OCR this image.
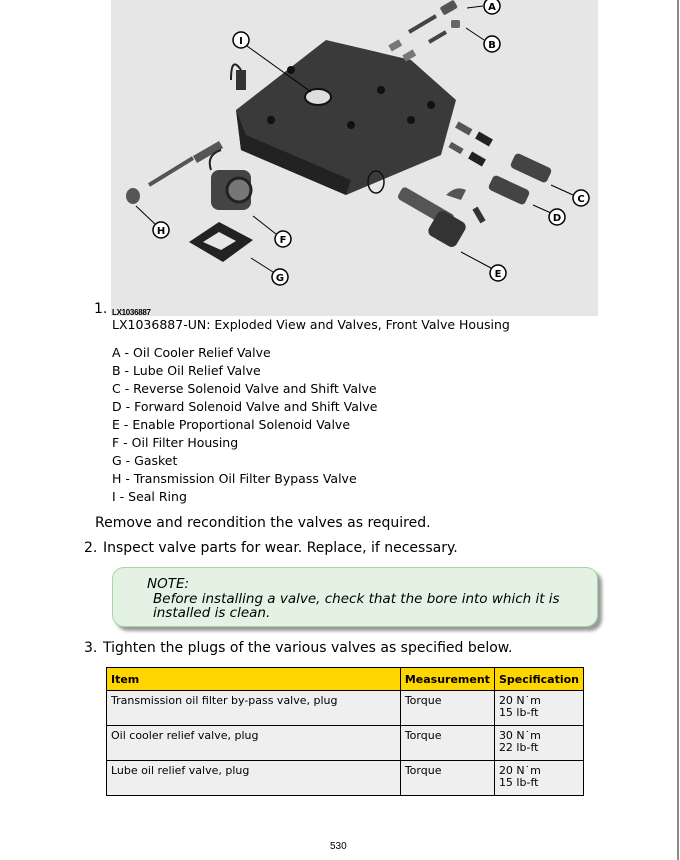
A
B
C
D
E
F
G
H
I
1. LX1036887
LX1036887-UN: Exploded View and Valves, Front Valve Housing
A - Oil Cooler Relief Valve
B - Lube Oil Relief Valve
C - Reverse Solenoid Valve and Shift Valve
D - Forward Solenoid Valve and Shift Valve
E - Enable Proportional Solenoid Valve
F - Oil Filter Housing
G - Gasket
H - Transmission Oil Filter Bypass Valve
I - Seal Ring
Remove and recondition the valves as required.
2. Inspect valve parts for wear. Replace, if necessary.
NOTE:
Before installing a valve, check that the bore into which it is installed is clean.
3. Tighten the plugs of the various valves as specified below.
Item	Measurement	Specification
Transmission oil filter by-pass valve, plug	Torque	20 N˙m
15 lb-ft
Oil cooler relief valve, plug	Torque	30 N˙m
22 lb-ft
Lube oil relief valve, plug	Torque	20 N˙m
15 lb-ft
530
